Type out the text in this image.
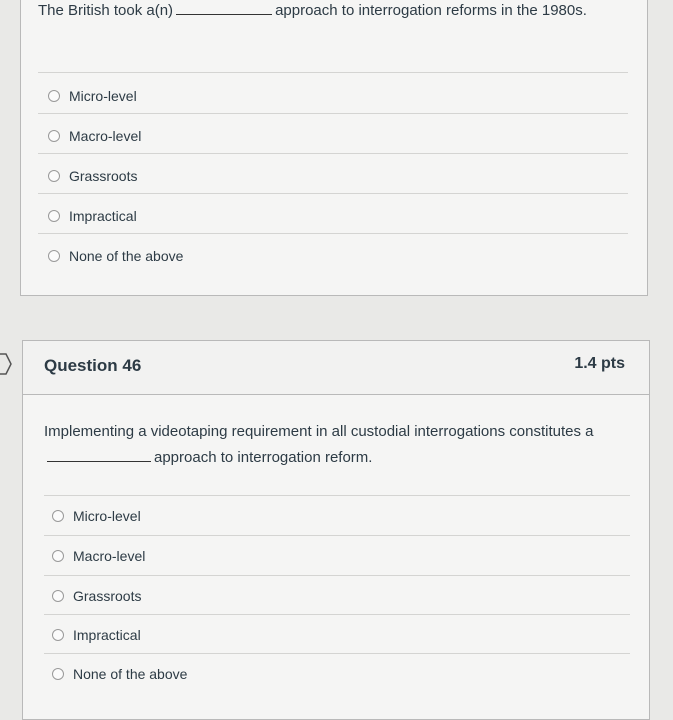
The British took a(n)	approach to interrogation reforms in the 1980s.
Micro-level
Macro-level
Grassroots
Impractical
None of the above
Question 46	1.4 pts
Implementing a videotaping requirement in all custodial interrogations constitutes aapproach to interrogation reform.
Micro-level
Macro-level
Grassroots
Impractical
None of the above
